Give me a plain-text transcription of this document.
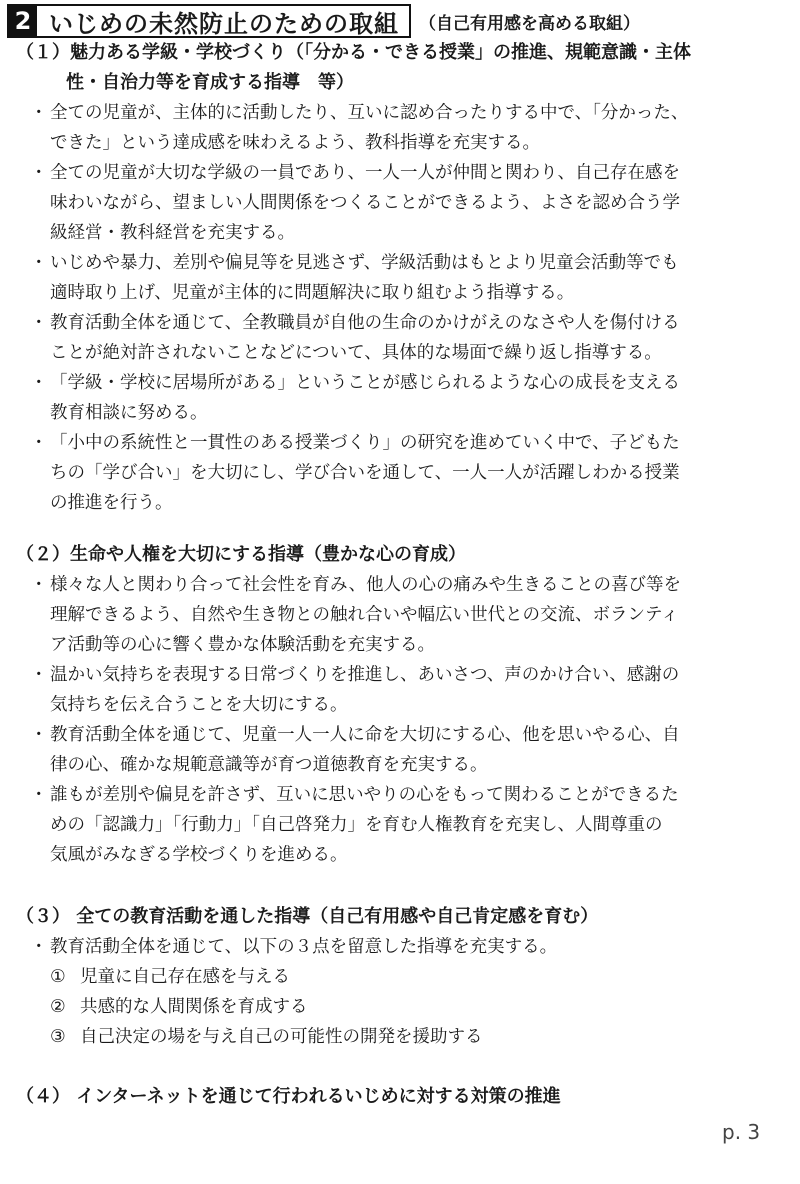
2 いじめの未然防止のための取組 （自己有用感を高める取組）
（１）魅力ある学級・学校づくり（「分かる・できる授業」の推進、規範意識・主体
性・自治力等を育成する指導　等）
・ 全ての児童が、主体的に活動したり、互いに認め合ったりする中で、「分かった、
できた」という達成感を味わえるよう、教科指導を充実する。
・ 全ての児童が大切な学級の一員であり、一人一人が仲間と関わり、自己存在感を
味わいながら、望ましい人間関係をつくることができるよう、よさを認め合う学
級経営・教科経営を充実する。
・ いじめや暴力、差別や偏見等を見逃さず、学級活動はもとより児童会活動等でも
適時取り上げ、児童が主体的に問題解決に取り組むよう指導する。
・ 教育活動全体を通じて、全教職員が自他の生命のかけがえのなさや人を傷付ける
ことが絶対許されないことなどについて、具体的な場面で繰り返し指導する。
・ 「学級・学校に居場所がある」ということが感じられるような心の成長を支える
教育相談に努める。
・ 「小中の系統性と一貫性のある授業づくり」の研究を進めていく中で、子どもた
ちの「学び合い」を大切にし、学び合いを通して、一人一人が活躍しわかる授業
の推進を行う。
（２）生命や人権を大切にする指導（豊かな心の育成）
・ 様々な人と関わり合って社会性を育み、他人の心の痛みや生きることの喜び等を
理解できるよう、自然や生き物との触れ合いや幅広い世代との交流、ボランティ
ア活動等の心に響く豊かな体験活動を充実する。
・ 温かい気持ちを表現する日常づくりを推進し、あいさつ、声のかけ合い、感謝の
気持ちを伝え合うことを大切にする。
・ 教育活動全体を通じて、児童一人一人に命を大切にする心、他を思いやる心、自
律の心、確かな規範意識等が育つ道徳教育を充実する。
・ 誰もが差別や偏見を許さず、互いに思いやりの心をもって関わることができるた
めの「認識力」「行動力」「自己啓発力」を育む人権教育を充実し、人間尊重の
気風がみなぎる学校づくりを進める。
（３） 全ての教育活動を通した指導（自己有用感や自己肯定感を育む）
・ 教育活動全体を通じて、以下の３点を留意した指導を充実する。
① 児童に自己存在感を与える
② 共感的な人間関係を育成する
③ 自己決定の場を与え自己の可能性の開発を援助する
（４） インターネットを通じて行われるいじめに対する対策の推進
p. 3
